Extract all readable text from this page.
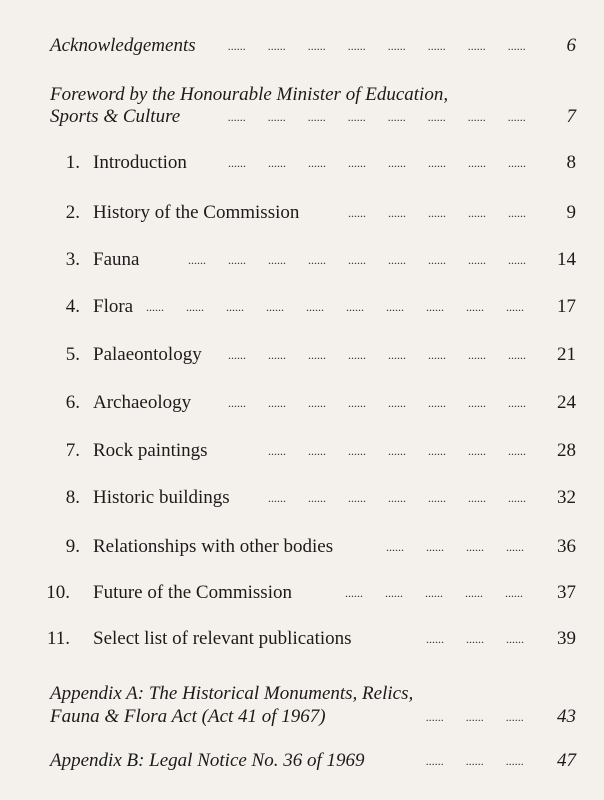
Acknowledgements	...... ...... ...... ...... ...... ...... ...... ......	6
Foreword by the Honourable Minister of Education,
Sports & Culture	...... ...... ...... ...... ...... ...... ...... ......	7
1. Introduction	...... ...... ...... ...... ...... ...... ...... ......	8
2. History of the Commission	...... ...... ...... ...... ......	9
3. Fauna	...... ...... ...... ...... ...... ...... ...... ...... ......	14
4. Flora ...... ...... ...... ...... ...... ...... ...... ...... ...... ......	17
5. Palaeontology ...... ...... ...... ...... ...... ...... ...... ......	21
6. Archaeology	...... ...... ...... ...... ...... ...... ...... ......	24
7. Rock paintings	...... ...... ...... ...... ...... ...... ......	28
8. Historic buildings	...... ...... ...... ...... ...... ...... ......	32
9. Relationships with other bodies	...... ...... ...... ......	36
10. Future of the Commission	...... ...... ...... ...... ......	37
11. Select list of relevant publications	...... ...... ......	39
Appendix A: The Historical Monuments, Relics,
Fauna & Flora Act (Act 41 of 1967)	...... ...... ......	43
Appendix B: Legal Notice No. 36 of 1969	...... ...... ......	47
